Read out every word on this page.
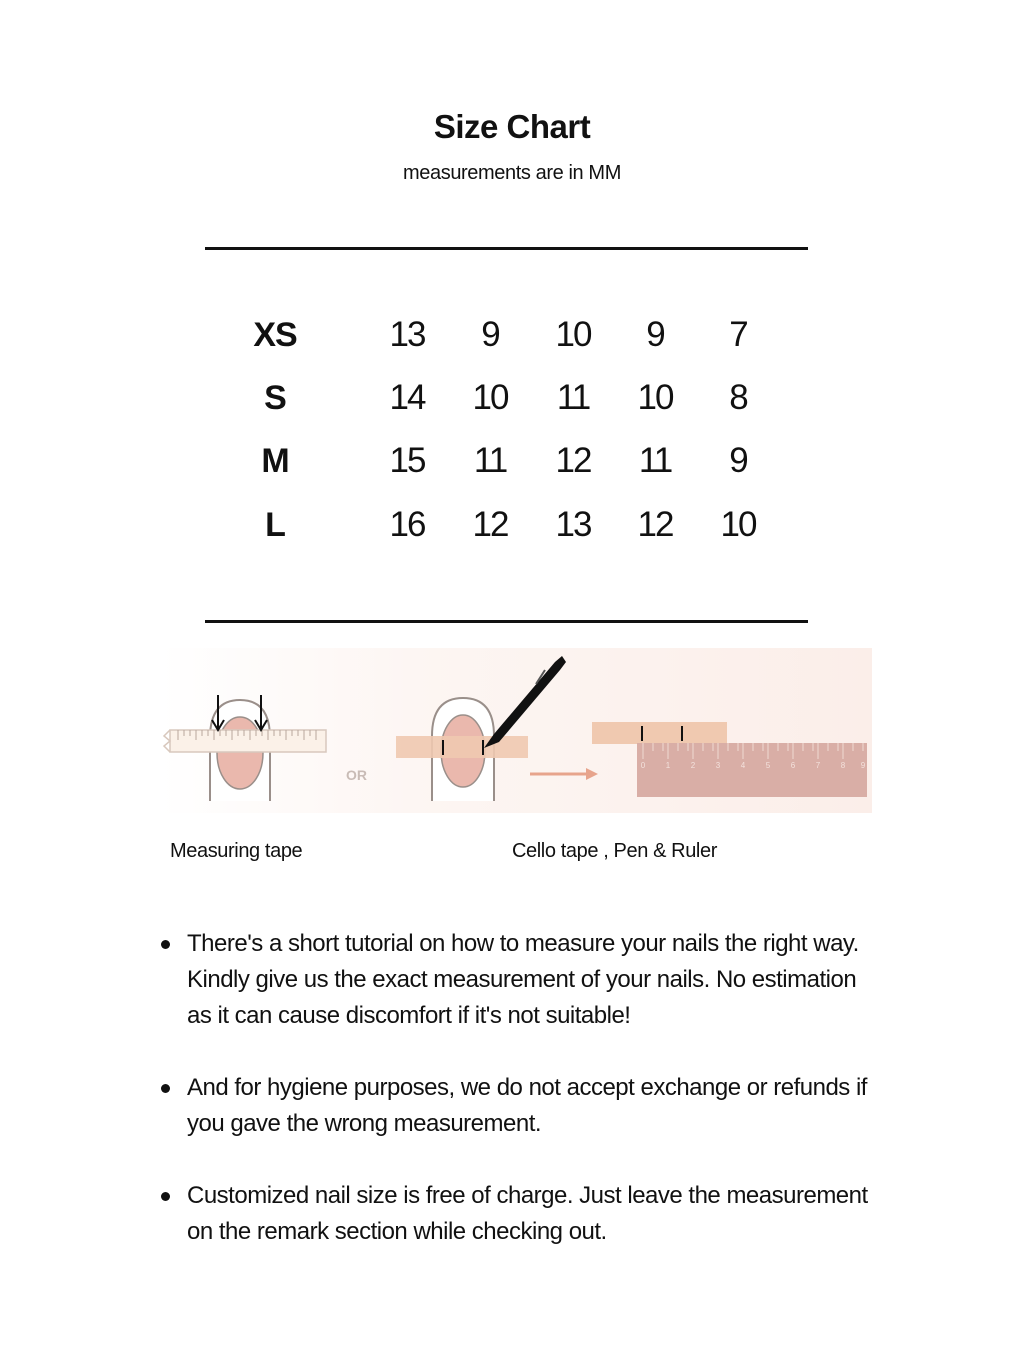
Size Chart
measurements are in MM
XS	13	9	10	9	7
S	14	10	11	10	8
M	15	11	12	11	9
L	16	12	13	12	10
OR
0	1	2	3	4	5	6	7	8 9
Measuring tape	Cello tape , Pen & Ruler
There's a short tutorial on how to measure your nails the right way. Kindly give us the exact measurement of your nails. No estimation as it can cause discomfort if it's not suitable!
And for hygiene purposes, we do not accept exchange or refunds if you gave the wrong measurement.
Customized nail size is free of charge. Just leave the measurement on the remark section while checking out.
